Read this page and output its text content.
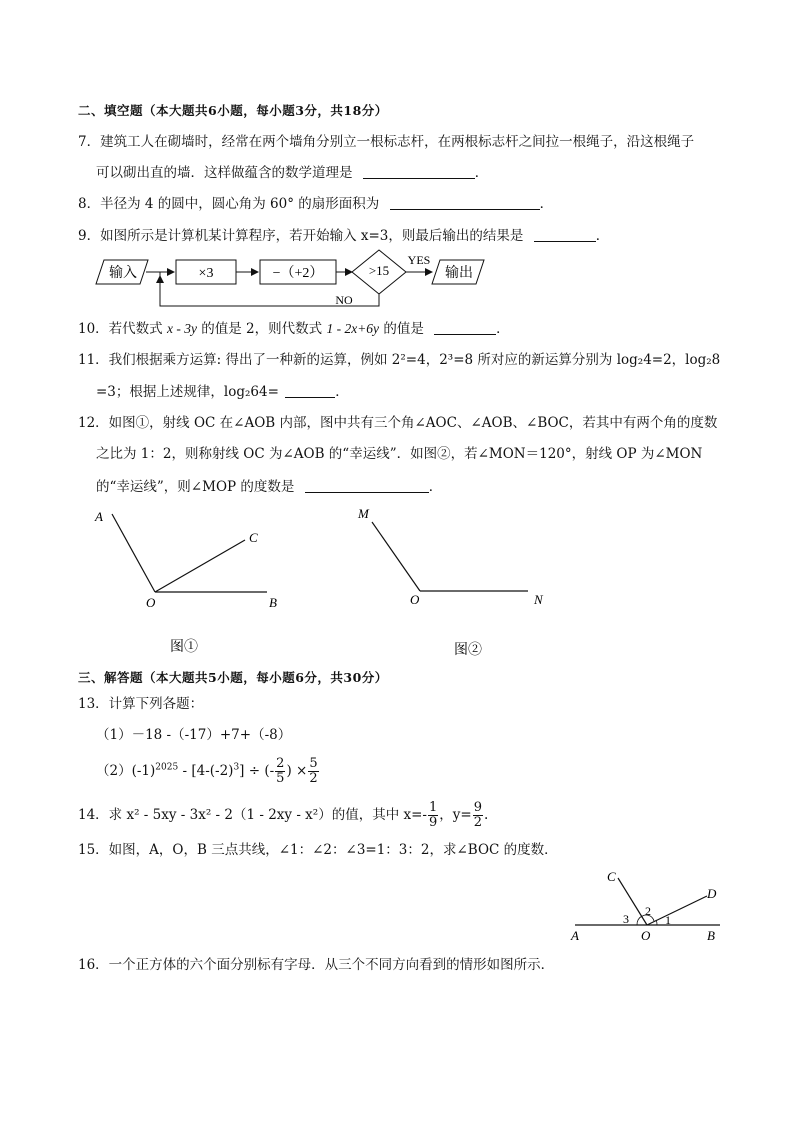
二、填空题（本大题共6小题，每小题3分，共18分）
7．建筑工人在砌墙时，经常在两个墙角分别立一根标志杆，在两根标志杆之间拉一根绳子，沿这根绳子
可以砌出直的墙．这样做蕴含的数学道理是	．
8．半径为 4 的圆中，圆心角为 60° 的扇形面积为	．
9．如图所示是计算机某计算程序，若开始输入 x=3，则最后输出的结果是	．
输入	×3	−（+2）	>15
YES
输出
NO
10．若代数式 x - 3y 的值是 2，则代数式 1 - 2x+6y 的值是	．
11．我们根据乘方运算: 得出了一种新的运算，例如 2²=4，2³=8 所对应的新运算分别为 log₂4=2，log₂8
=3；根据上述规律，log₂64=	．
12．如图①，射线 OC 在∠AOB 内部，图中共有三个角∠AOC、∠AOB、∠BOC，若其中有两个角的度数
之比为 1：2，则称射线 OC 为∠AOB 的“幸运线”．如图②，若∠MON＝120°，射线 OP 为∠MON
的“幸运线”，则∠MOP 的度数是	．
A
C
O	B
图①
M
O	N
图②
三、解答题（本大题共5小题，每小题6分，共30分）
13．计算下列各题：
（1）－18 -（-17）+7+（-8）
$(2)(-1)^{2025} - [4-(-2)^3]$ ÷ (- $\frac{2}{5}$ ) × $\frac{5}{2}$
14．求 x² - 5xy - 3x² - 2（1 - 2xy - x²）的值，其中 $x=- \frac{1}{9}$ ，$y= \frac{9}{2}$ .
15．如图，A，O，B 三点共线，∠1：∠2：∠3=1：3：2，求∠BOC 的度数．
C
D
A	O	B
3
2
1
16．一个正方体的六个面分别标有字母．从三个不同方向看到的情形如图所示．
